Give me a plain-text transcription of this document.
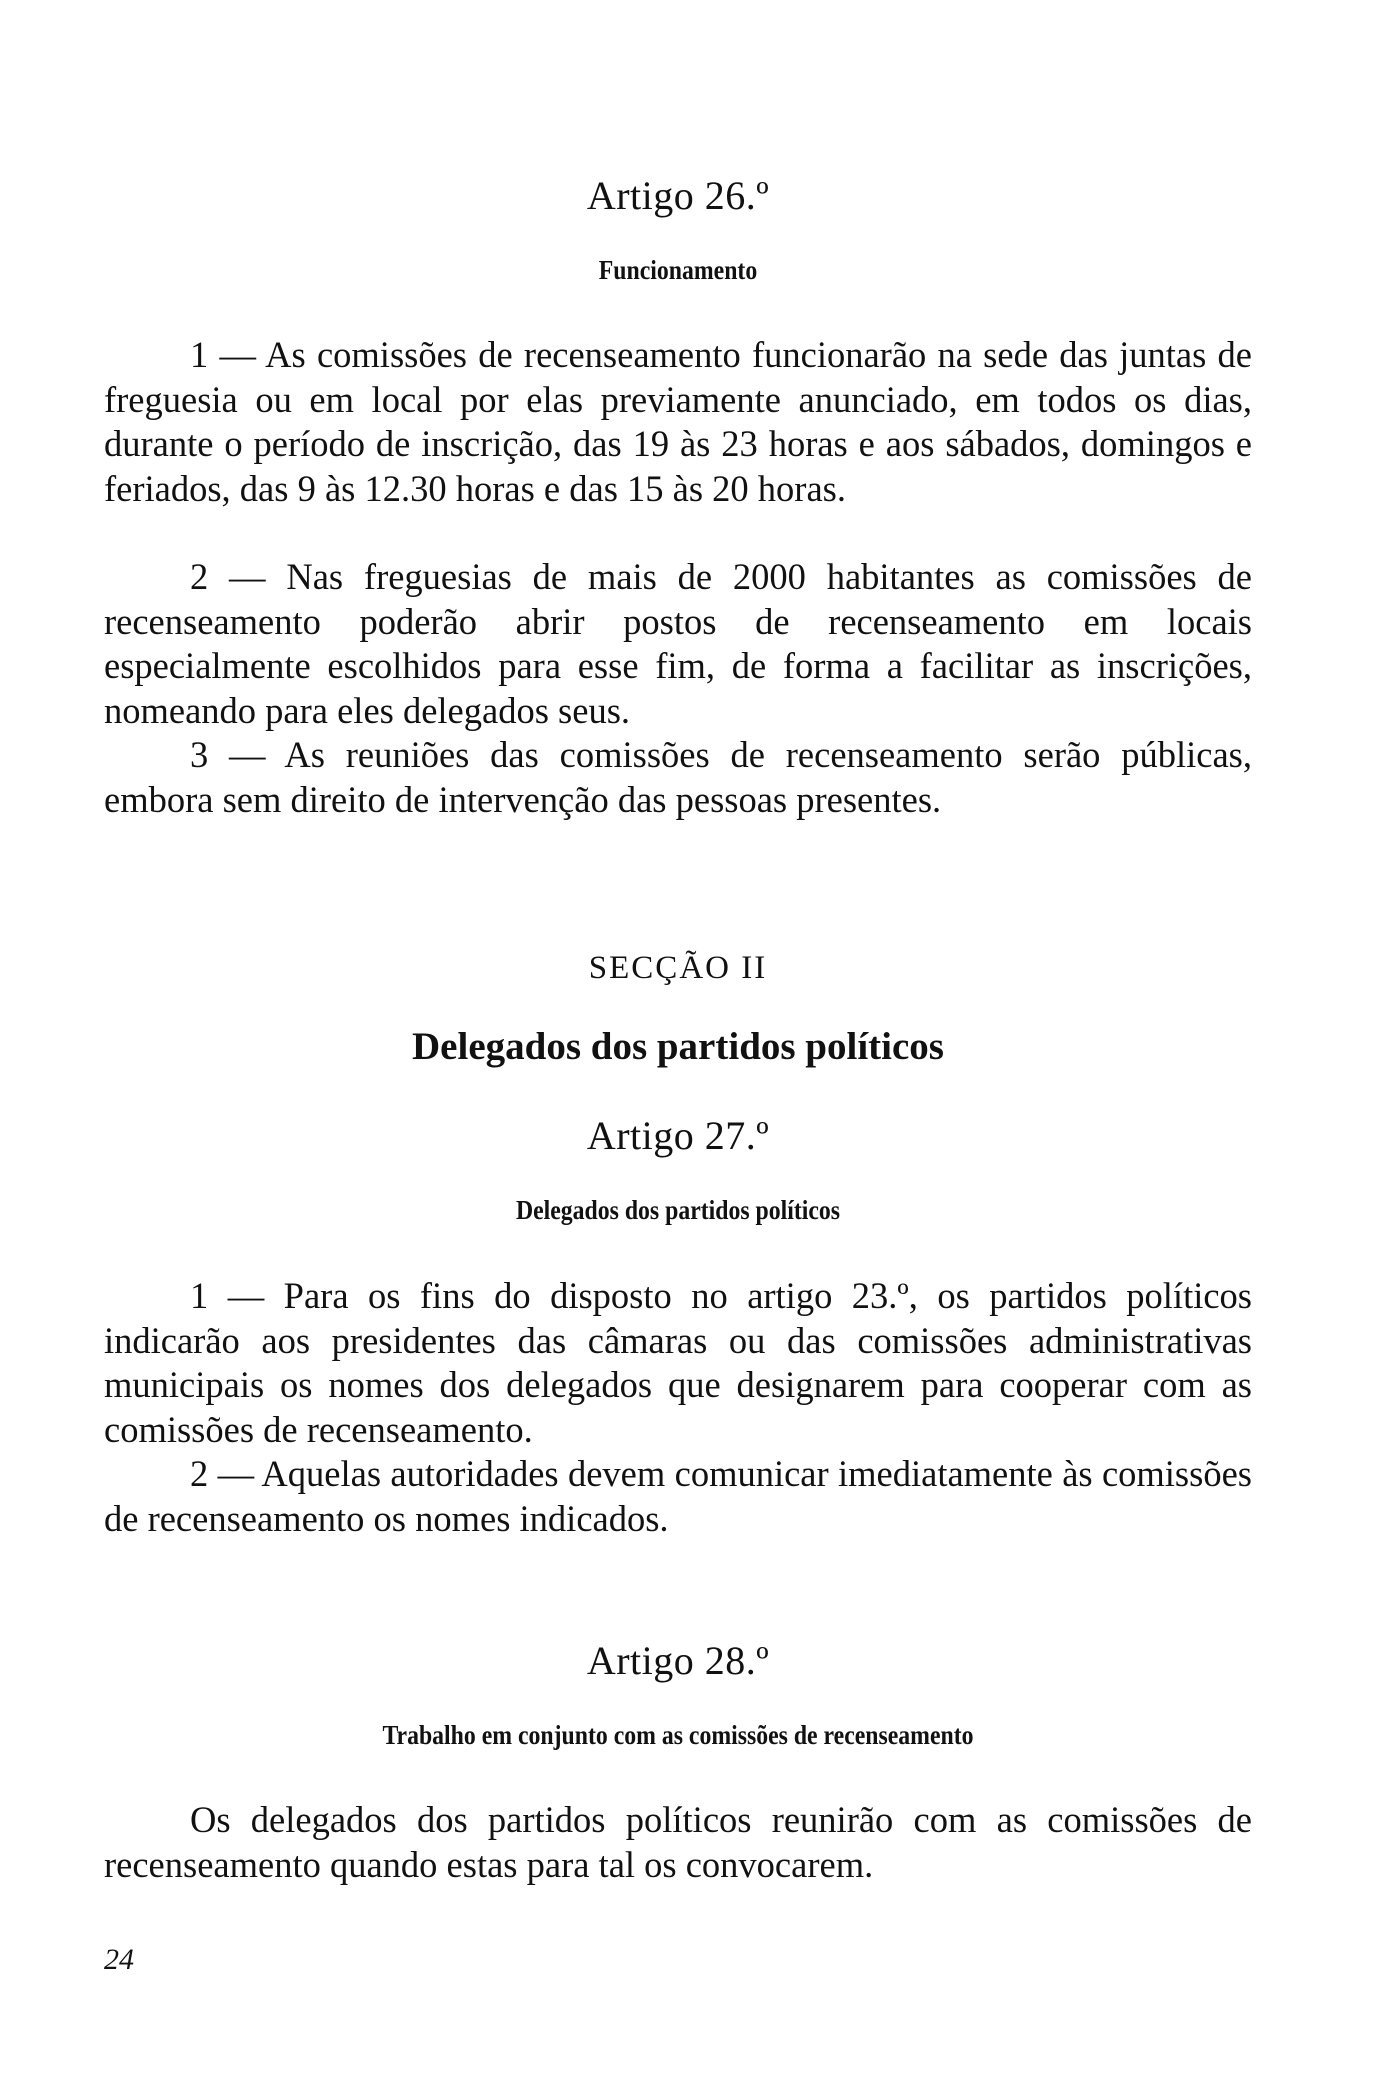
Artigo 26.º
Funcionamento
1 — As comissões de recenseamento funcionarão na sede das juntas de freguesia ou em local por elas previamente anunciado, em todos os dias, durante o período de inscrição, das 19 às 23 horas e aos sábados, domingos e feriados, das 9 às 12.30 horas e das 15 às 20 horas.
2 — Nas freguesias de mais de 2000 habitantes as comissões de recenseamento poderão abrir postos de recenseamento em locais especialmente escolhidos para esse fim, de forma a facilitar as inscrições, nomeando para eles delegados seus.
3 — As reuniões das comissões de recenseamento serão públicas, embora sem direito de intervenção das pessoas presentes.
SECÇÃO II
Delegados dos partidos políticos
Artigo 27.º
Delegados dos partidos políticos
1 — Para os fins do disposto no artigo 23.º, os partidos políticos indicarão aos presidentes das câmaras ou das comissões administrativas municipais os nomes dos delegados que designarem para cooperar com as comissões de recenseamento.
2 — Aquelas autoridades devem comunicar imediatamente às comissões de recenseamento os nomes indicados.
Artigo 28.º
Trabalho em conjunto com as comissões de recenseamento
Os delegados dos partidos políticos reunirão com as comissões de recenseamento quando estas para tal os convocarem.
24
